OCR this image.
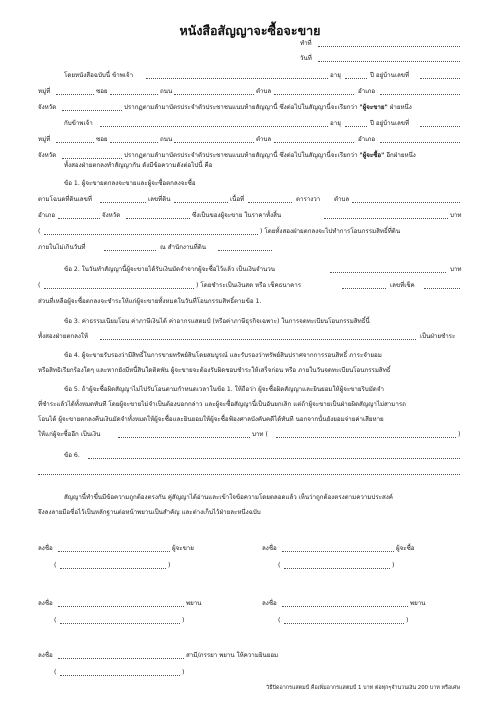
หนังสือสัญญาจะซื้อจะขาย
ทำที่
วันที่
โดยหนังสือฉบับนี้ ข้าพเจ้า	อายุ	ปี อยู่บ้านเลขที่
หมู่ที่	ซอย	ถนน	ตำบล	อำเภอ
จังหวัด	ปรากฏตามลำมาบัตรประจำตัวประชาชนแนบท้ายสัญญานี้ ซึ่งต่อไปในสัญญานี้จะเรียกว่า "ผู้จะขาย" ฝ่ายหนึ่ง
กับข้าพเจ้า	อายุ	ปี อยู่บ้านเลขที่
หมู่ที่	ซอย	ถนน	ตำบล	อำเภอ
จังหวัด	ปรากฏตามลำมาบัตรประจำตัวประชาชนแนบท้ายสัญญานี้ ซึ่งต่อไปในสัญญานี้จะเรียกว่า "ผู้จะซื้อ" อีกฝ่ายหนึ่ง
ทั้งสองฝ่ายตกลงทำสัญญากัน ดังมีข้อความดังต่อไปนี้ คือ
ข้อ 1. ผู้จะขายตกลงจะขายและผู้จะซื้อตกลงจะซื้อ
ตามโฉนดที่ดินเลขที่	เลขที่ดิน	เนื้อที่	ตารางวา ตำบล
อำเภอ	จังหวัด	ซึ่งเป็นของผู้จะขาย ในราคาทั้งสิ้น	บาท
(	) โดยทั้งสองฝ่ายตกลงจะไปทำการโอนกรรมสิทธิ์ที่ดิน
ภายในไม่เกินวันที่	ณ สำนักงานที่ดิน
ข้อ 2. ในวันทำสัญญานี้ผู้จะขายได้รับเงินมัดจำจากผู้จะซื้อไว้แล้ว เป็นเงินจำนวน	บาท
(	) โดยชำระเป็นเงินสด หรือ เช็คธนาคาร	เลขที่เช็ค
ส่วนที่เหลือผู้จะซื้อตกลงจะชำระให้แก่ผู้จะขายทั้งหมดในวันที่โอนกรรมสิทธิ์ตามข้อ 1.
ข้อ 3. ค่าธรรมเนียมโอน ค่าภาษีเงินได้ ค่าอากรแสตมป์ (หรือค่าภาษีธุรกิจเฉพาะ) ในการจดทะเบียนโอนกรรมสิทธิ์นี้
ทั้งสองฝ่ายตกลงให้	เป็นฝ่ายชำระ
ข้อ 4. ผู้จะขายรับรองว่ามีสิทธิ์ในการขายทรัพย์สินโดยสมบูรณ์ และรับรองว่าทรัพย์สินปราศจากการรอนสิทธิ์ ภาระจำยอม
หรือสิทธิเรียกร้องใดๆ และหากยังมีหนี้สินใดติดพัน ผู้จะขายจะต้องรับผิดชอบชำระให้เสร็จก่อน หรือ ภายในวันจดทะเบียนโอนกรรมสิทธิ์
ข้อ 5. ถ้าผู้จะซื้อผิดสัญญาไม่ไปรับโอนตามกำหนดเวลาในข้อ 1. ให้ถือว่า ผู้จะซื้อผิดสัญญาและยินยอมให้ผู้จะขายริบมัดจำ
ที่ชำระแล้วได้ทั้งหมดทันที โดยผู้จะขายไม่จำเป็นต้องบอกกล่าว และผู้จะซื้อสัญญานี้เป็นอันยกเลิก แต่ถ้าผู้จะขายเป็นฝ่ายผิดสัญญาไม่สามารถ
โอนได้ ผู้จะขายตกลงคืนเงินมัดจำทั้งหมดให้ผู้จะซื้อและยินยอมให้ผู้จะซื้อฟ้องศาลบังคับคดีได้ทันที นอกจากนั้นยังยอมจ่ายค่าเสียหาย
ให้แก่ผู้จะซื้ออีก เป็นเงิน	บาท (	)
ข้อ 6.
สัญญานี้ทำขึ้นมีข้อความถูกต้องตรงกัน คู่สัญญาได้อ่านและเข้าใจข้อความโดยตลอดแล้ว เห็นว่าถูกต้องตรงตามความประสงค์
จึงลงลายมือชื่อไว้เป็นหลักฐานต่อหน้าพยานเป็นสำคัญ และต่างเก็บไว้ฝ่ายละหนึ่งฉบับ
ลงชื่อ	ผู้จะขาย
(	)
ลงชื่อ	ผู้จะซื้อ
(	)
ลงชื่อ	พยาน
(	)
ลงชื่อ	พยาน
(	)
ลงชื่อ	สามี/ภรรยา พยาน ให้ความยินยอม
(	)
วิธีปิดอากรแสตมป์ คือเพิ่มอากรแสตมป์ 1 บาท ต่อทุกๆจำนวนเงิน 200 บาท หรือเศษ
